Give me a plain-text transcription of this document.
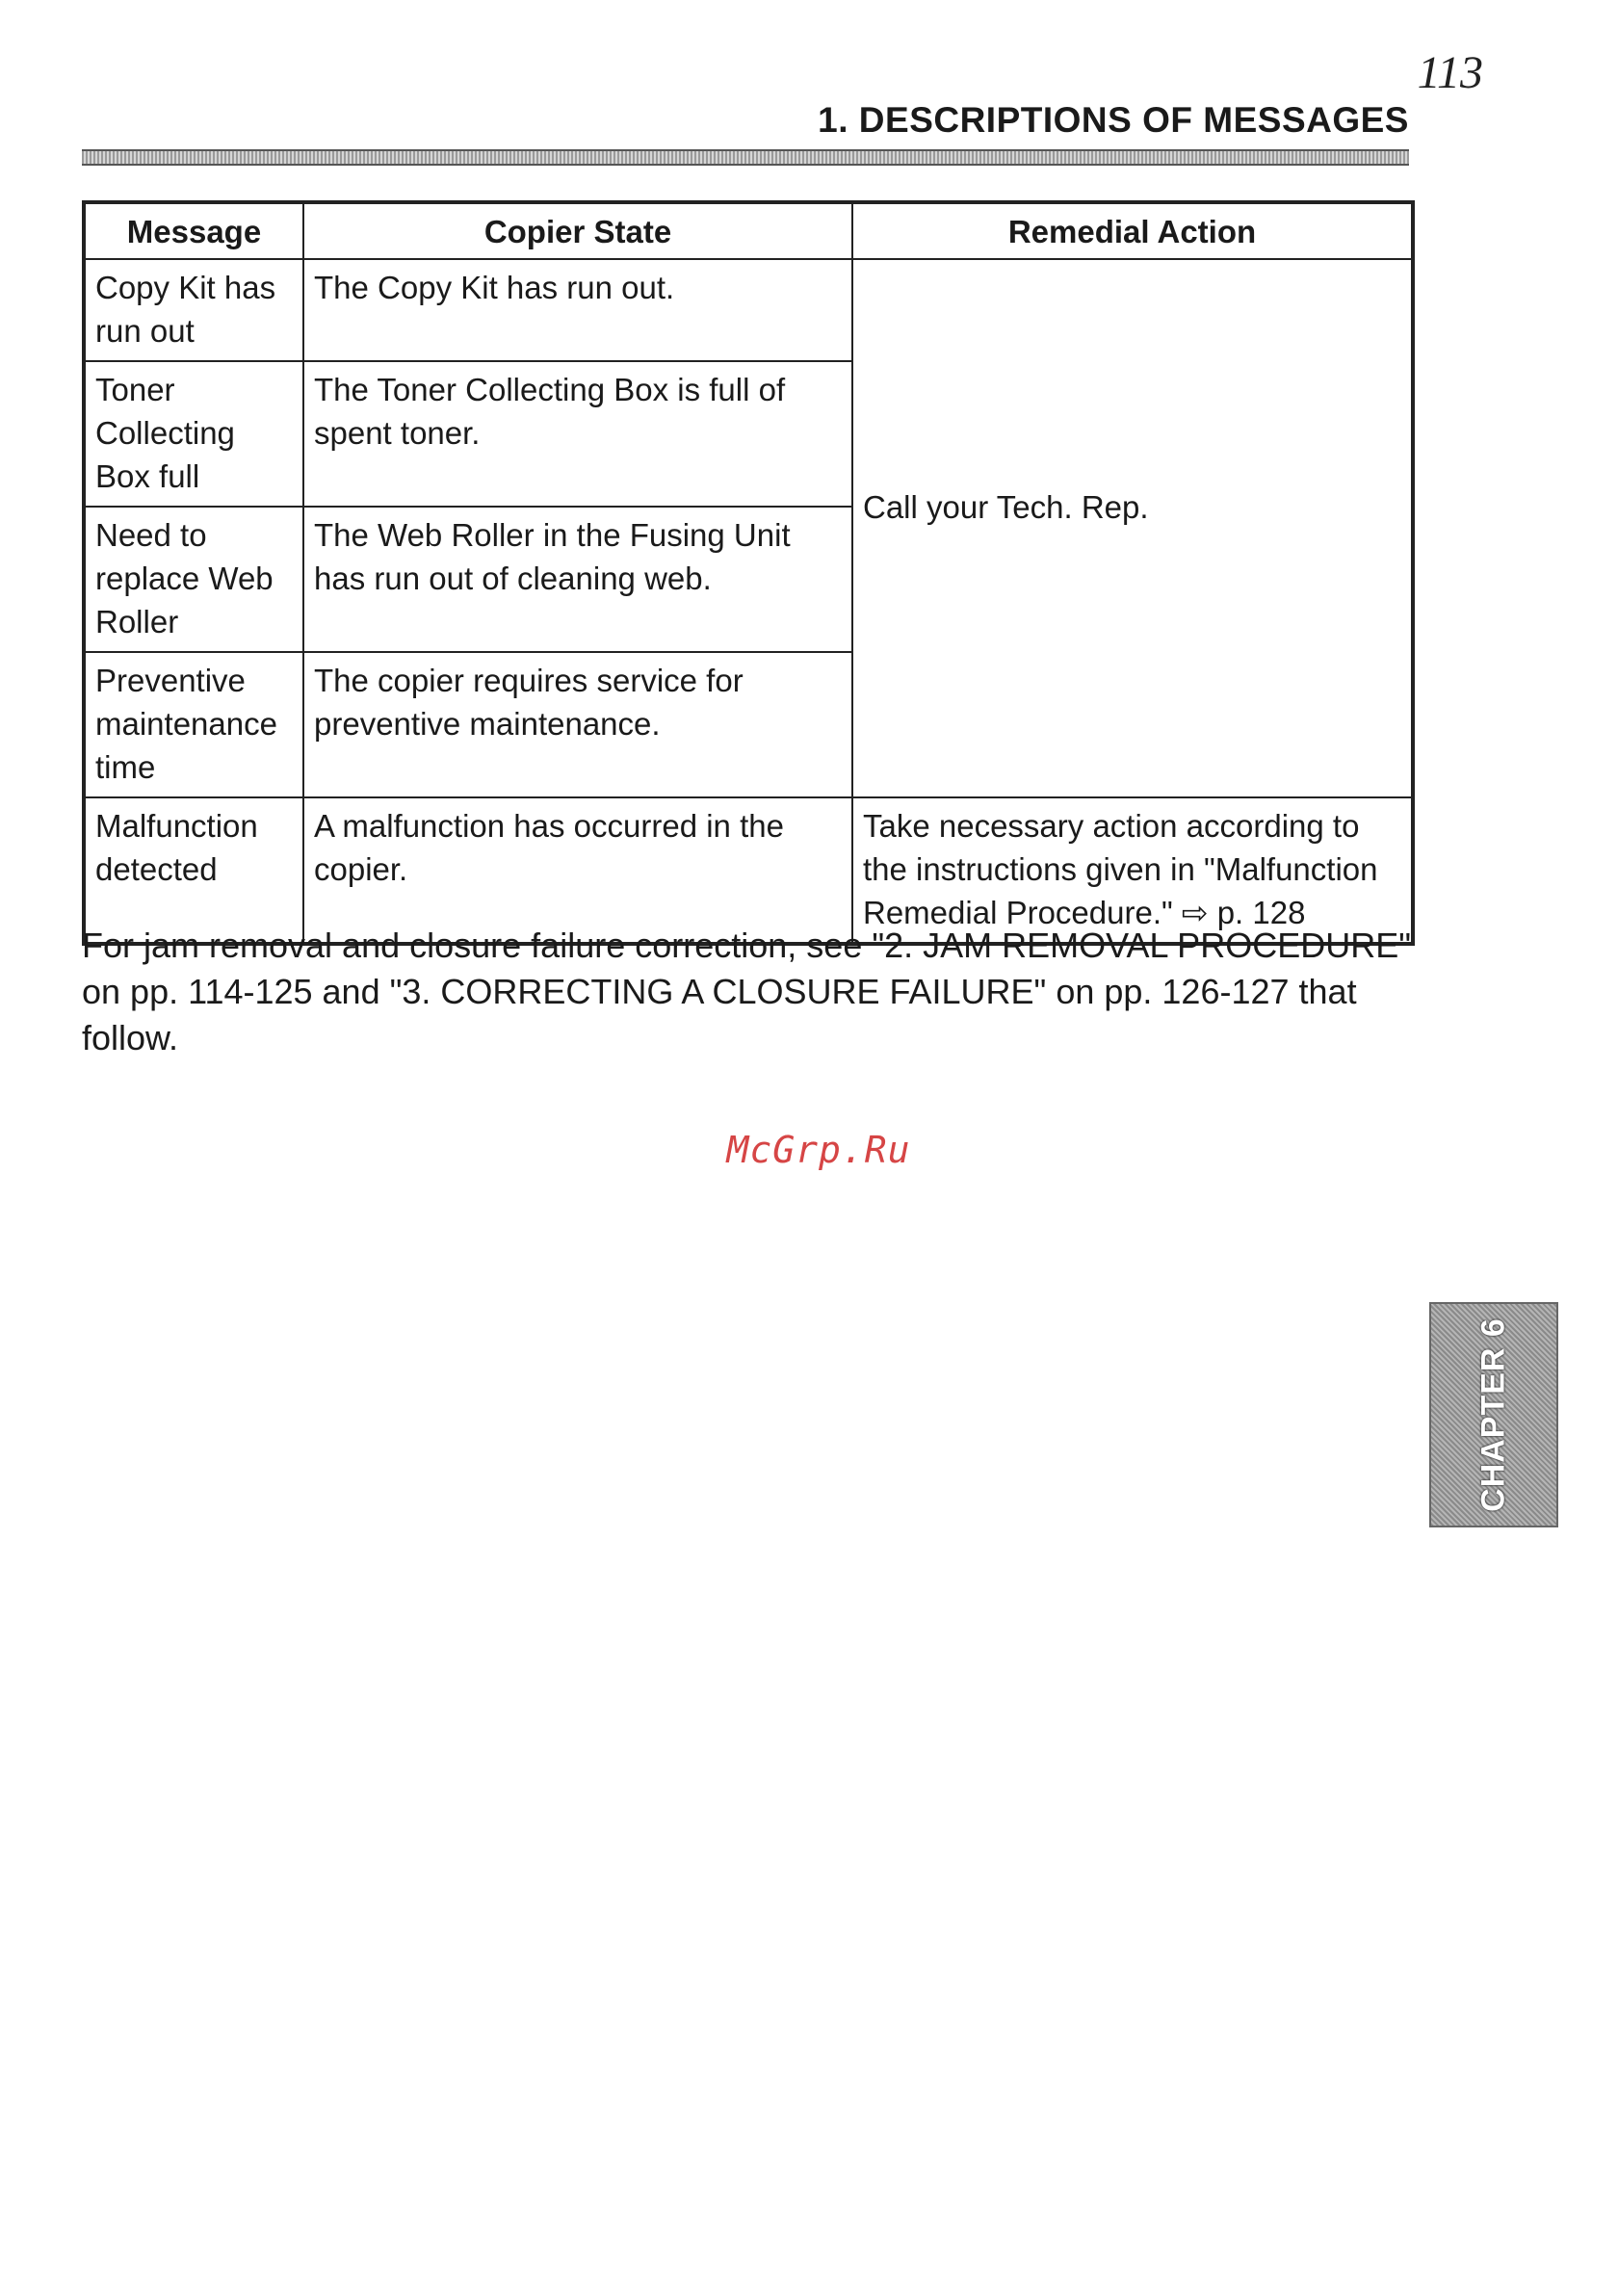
113
1. DESCRIPTIONS OF MESSAGES
Message	Copier State	Remedial Action
Copy Kit has run out	The Copy Kit has run out.	Call your Tech. Rep.
Toner Collecting Box full	The Toner Collecting Box is full of spent toner.	
Need to replace Web Roller	The Web Roller in the Fusing Unit has run out of cleaning web.	
Preventive maintenance time	The copier requires service for preventive maintenance.	
Malfunction detected	A malfunction has occurred in the copier.	Take necessary action according to the instructions given in "Malfunction Remedial Procedure." ⇨ p. 128
For jam removal and closure failure correction, see "2. JAM REMOVAL PROCEDURE" on pp. 114-125 and "3. CORRECTING A CLOSURE FAILURE" on pp. 126-127 that follow.
McGrp.Ru
CHAPTER 6
